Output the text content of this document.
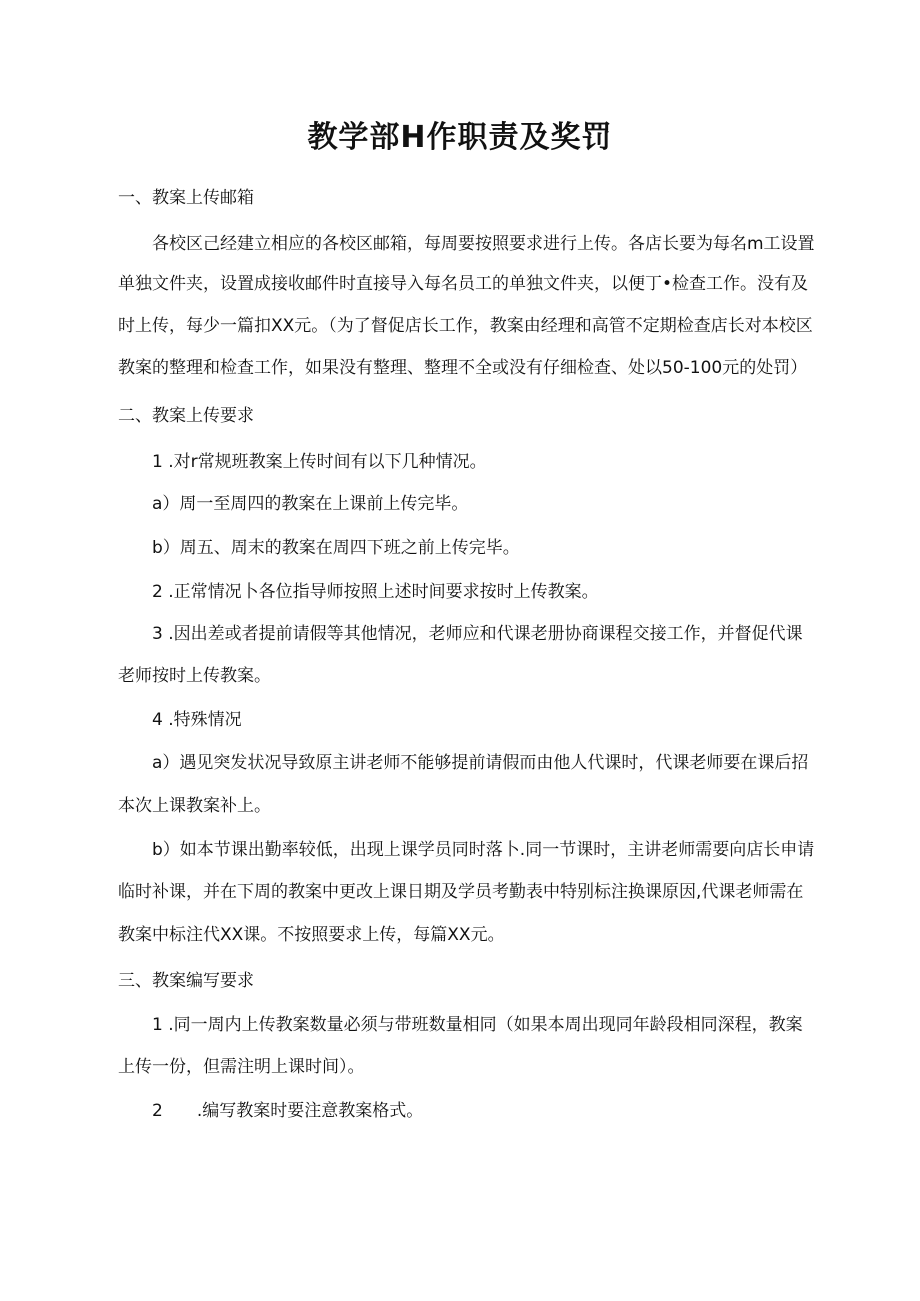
教学部H作职责及奖罚

一、教案上传邮箱

各校区己经建立相应的各校区邮箱，每周要按照要求进行上传。各店长要为每名m工设置

单独文件夹，设置成接收邮件时直接导入每名员工的单独文件夹，以便丁•检查工作。没有及

时上传，每少一篇扣XX元。（为了督促店长工作，教案由经理和高管不定期检查店长对本校区

教案的整理和检查工作，如果没有整理、整理不全或没有仔细检查、处以50-100元的处罚）

二、教案上传要求

1 .对r常规班教案上传时间有以下几种情况。

a）周一至周四的教案在上课前上传完毕。

b）周五、周末的教案在周四下班之前上传完毕。

2 .正常情况卜各位指导师按照上述时间要求按时上传教案。

3 .因出差或者提前请假等其他情况，老师应和代课老册协商课程交接工作，并督促代课

老师按时上传教案。

4 .特殊情况

a）遇见突发状况导致原主讲老师不能够提前请假而由他人代课时，代课老师要在课后招

本次上课教案补上。

b）如本节课出勤率较低，出现上课学员同时落卜.同一节课时，主讲老师需要向店长申请

临时补课，并在下周的教案中更改上课日期及学员考勤表中特别标注换课原因,代课老师需在

教案中标注代XX课。不按照要求上传，每篇XX元。

三、教案编写要求

1 .同一周内上传教案数量必须与带班数量相同（如果本周出现同年龄段相同深程，教案

上传一份，但需注明上课时间）。

2　　.编写教案时要注意教案格式。
